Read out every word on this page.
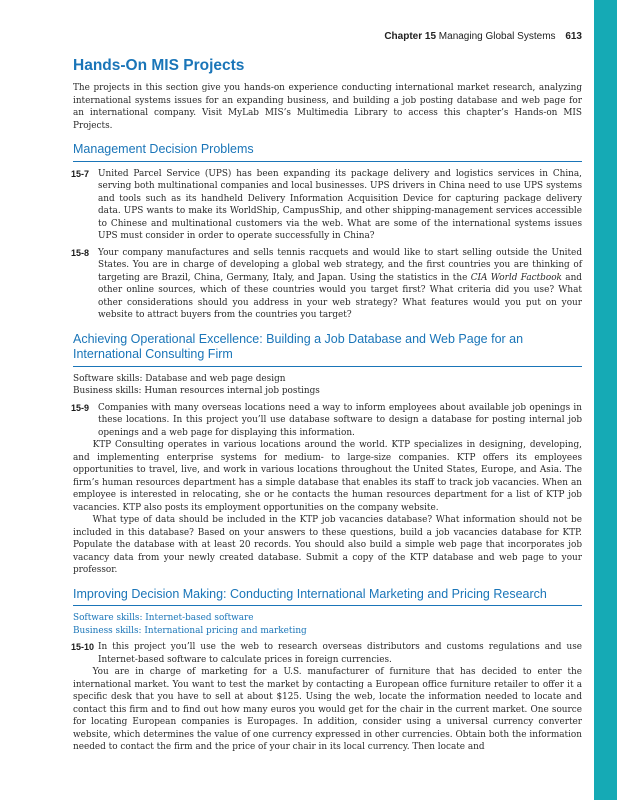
Chapter 15 Managing Global Systems 613
Hands-On MIS Projects

The projects in this section give you hands-on experience conducting international market research, analyzing international systems issues for an expanding business, and building a job posting database and web page for an international company. Visit MyLab MIS’s Multimedia Library to access this chapter’s Hands-on MIS Projects.

Management Decision Problems
15-7	United Parcel Service (UPS) has been expanding its package delivery and logistics services in China, serving both multinational companies and local businesses. UPS drivers in China need to use UPS systems and tools such as its handheld Delivery Information Acquisition Device for capturing package delivery data. UPS wants to make its WorldShip, CampusShip, and other shipping-management services accessible to Chinese and multinational customers via the web. What are some of the international systems issues UPS must consider in order to operate successfully in China?

15-8	Your company manufactures and sells tennis racquets and would like to start selling outside the United States. You are in charge of developing a global web strategy, and the first countries you are thinking of targeting are Brazil, China, Germany, Italy, and Japan. Using the statistics in the CIA World Factbook and other online sources, which of these countries would you target first? What criteria did you use? What other considerations should you address in your web strategy? What features would you put on your website to attract buyers from the countries you target?

Achieving Operational Excellence: Building a Job Database and Web Page for an International Consulting Firm

Software skills: Database and web page design

Business skills: Human resources internal job postings

15-9	Companies with many overseas locations need a way to inform employees about available job openings in these locations. In this project you’ll use database software to design a database for posting internal job openings and a web page for displaying this information.

KTP Consulting operates in various locations around the world. KTP specializes in designing, developing, and implementing enterprise systems for medium- to large-size companies. KTP offers its employees opportunities to travel, live, and work in various locations throughout the United States, Europe, and Asia. The firm’s human resources department has a simple database that enables its staff to track job vacancies. When an employee is interested in relocating, she or he contacts the human resources department for a list of KTP job vacancies. KTP also posts its employment opportunities on the company website.

What type of data should be included in the KTP job vacancies database? What information should not be included in this database? Based on your answers to these questions, build a job vacancies database for KTP. Populate the database with at least 20 records. You should also build a simple web page that incorporates job vacancy data from your newly created database. Submit a copy of the KTP database and web page to your professor.

Improving Decision Making: Conducting International Marketing and Pricing Research

Software skills: Internet-based software

Business skills: International pricing and marketing

15-10 In this project you’ll use the web to research overseas distributors and customs regulations and use Internet-based software to calculate prices in foreign currencies.

You are in charge of marketing for a U.S. manufacturer of furniture that has decided to enter the international market. You want to test the market by contacting a European office furniture retailer to offer it a specific desk that you have to sell at about $125. Using the web, locate the information needed to locate and contact this firm and to find out how many euros you would get for the chair in the current market. One source for locating European companies is Europages. In addition, consider using a universal currency converter website, which determines the value of one currency expressed in other currencies. Obtain both the information needed to contact the firm and the price of your chair in its local currency. Then locate and
